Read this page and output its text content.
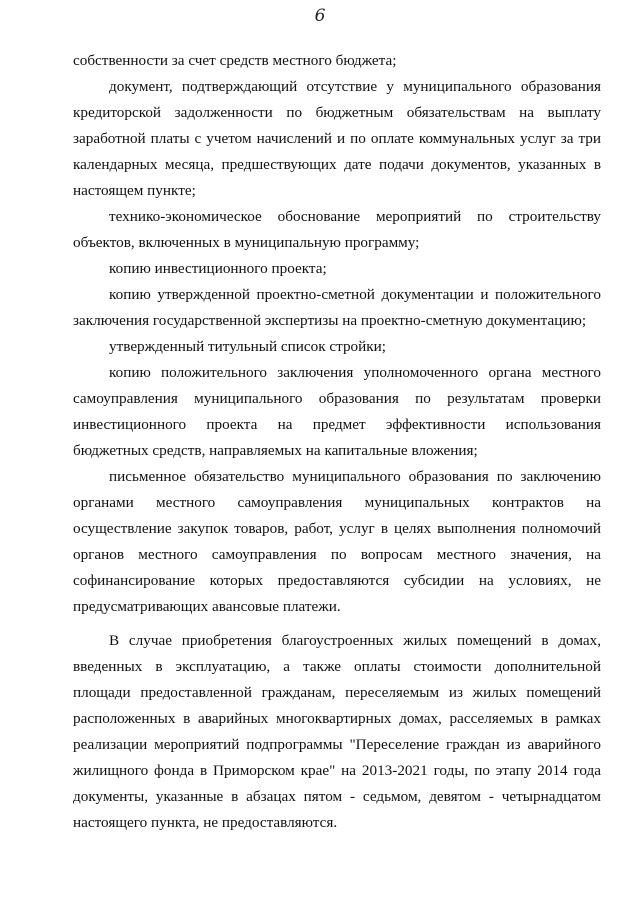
6
собственности за счет средств местного бюджета;
документ, подтверждающий отсутствие у муниципального образования
кредиторской задолженности по бюджетным обязательствам на выплату
заработной платы с учетом начислений и по оплате коммунальных услуг за три
календарных месяца, предшествующих дате подачи документов, указанных в
настоящем пункте;
технико-экономическое обоснование мероприятий по строительству
объектов, включенных в муниципальную программу;
копию инвестиционного проекта;
копию утвержденной проектно-сметной документации и положительного
заключения государственной экспертизы на проектно-сметную документацию;
утвержденный титульный список стройки;
копию положительного заключения уполномоченного органа местного
самоуправления муниципального образования по результатам проверки
инвестиционного проекта на предмет эффективности использования
бюджетных средств, направляемых на капитальные вложения;
письменное обязательство муниципального образования по заключению
органами местного самоуправления муниципальных контрактов на
осуществление закупок товаров, работ, услуг в целях выполнения полномочий
органов местного самоуправления по вопросам местного значения, на
софинансирование которых предоставляются субсидии на условиях, не
предусматривающих авансовые платежи.
В случае приобретения благоустроенных жилых помещений в домах,
введенных в эксплуатацию, а также оплаты стоимости дополнительной
площади предоставленной гражданам, переселяемым из жилых помещений
расположенных в аварийных многоквартирных домах, расселяемых в рамках
реализации мероприятий подпрограммы "Переселение граждан из аварийного
жилищного фонда в Приморском крае" на 2013-2021 годы, по этапу 2014 года
документы, указанные в абзацах пятом - седьмом, девятом - четырнадцатом
настоящего пункта, не предоставляются.
